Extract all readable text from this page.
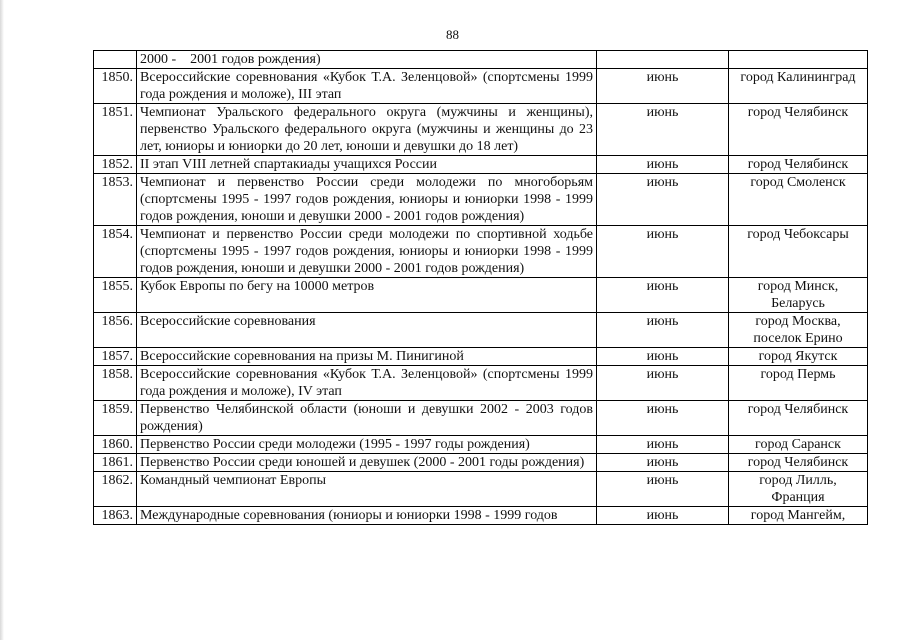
88
	2000 -    2001 годов рождения)		
1850.	Всероссийские соревнования «Кубок Т.А. Зеленцовой» (спортсмены 1999 года рождения и моложе), III этап	июнь	город Калининград
1851.	Чемпионат Уральского федерального округа (мужчины и женщины), первенство Уральского федерального округа (мужчины и женщины до 23 лет, юниоры и юниорки до 20 лет, юноши и девушки до 18 лет)	июнь	город Челябинск
1852.	II этап VIII летней спартакиады учащихся России	июнь	город Челябинск
1853.	Чемпионат и первенство России среди молодежи по многоборьям (спортсмены 1995 - 1997 годов рождения, юниоры и юниорки 1998 - 1999 годов рождения, юноши и девушки 2000 - 2001 годов рождения)	июнь	город Смоленск
1854.	Чемпионат и первенство России среди молодежи по спортивной ходьбе (спортсмены 1995 - 1997 годов рождения, юниоры и юниорки 1998 - 1999 годов рождения, юноши и девушки 2000 - 2001 годов рождения)	июнь	город Чебоксары
1855.	Кубок Европы по бегу на 10000 метров	июнь	город Минск, Беларусь
1856.	Всероссийские соревнования	июнь	город Москва, поселок Ерино
1857.	Всероссийские соревнования на призы М. Пинигиной	июнь	город Якутск
1858.	Всероссийские соревнования «Кубок Т.А. Зеленцовой» (спортсмены 1999 года рождения и моложе), IV этап	июнь	город Пермь
1859.	Первенство Челябинской области (юноши и девушки 2002 - 2003 годов рождения)	июнь	город Челябинск
1860.	Первенство России среди молодежи (1995 - 1997 годы рождения)	июнь	город Саранск
1861.	Первенство России среди юношей и девушек (2000 - 2001 годы рождения)	июнь	город Челябинск
1862.	Командный чемпионат Европы	июнь	город Лилль, Франция
1863.	Международные соревнования (юниоры и юниорки 1998 - 1999 годов	июнь	город Мангейм,
